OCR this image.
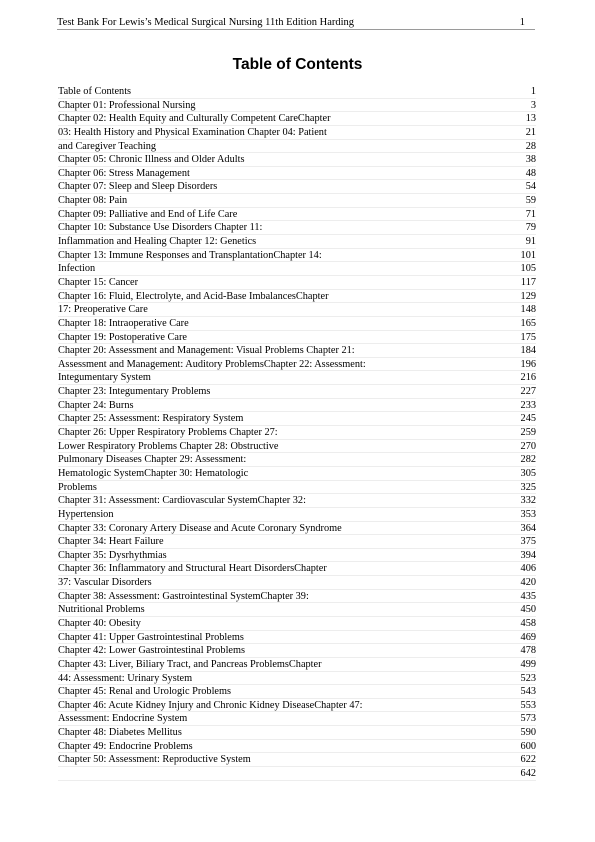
Test Bank For Lewis’s Medical Surgical Nursing 11th Edition Harding	1
Table of Contents
Table of Contents	1
Chapter 01: Professional Nursing	3
Chapter 02: Health Equity and Culturally Competent CareChapter	13
03: Health History and Physical Examination Chapter 04: Patient	21
and Caregiver Teaching	28
Chapter 05: Chronic Illness and Older Adults	38
Chapter 06: Stress Management	48
Chapter 07: Sleep and Sleep Disorders	54
Chapter 08: Pain	59
Chapter 09: Palliative and End of Life Care	71
Chapter 10: Substance Use Disorders Chapter 11:	79
Inflammation and Healing Chapter 12: Genetics	91
Chapter 13: Immune Responses and TransplantationChapter 14:	101
Infection	105
Chapter 15: Cancer	117
Chapter 16: Fluid, Electrolyte, and Acid-Base ImbalancesChapter	129
17: Preoperative Care	148
Chapter 18: Intraoperative Care	165
Chapter 19: Postoperative Care	175
Chapter 20: Assessment and Management: Visual Problems Chapter 21:	184
Assessment and Management: Auditory ProblemsChapter 22: Assessment:	196
Integumentary System	216
Chapter 23: Integumentary Problems	227
Chapter 24: Burns	233
Chapter 25: Assessment: Respiratory System	245
Chapter 26: Upper Respiratory Problems Chapter 27:	259
Lower Respiratory Problems Chapter 28: Obstructive	270
Pulmonary Diseases Chapter 29: Assessment:	282
Hematologic SystemChapter 30: Hematologic	305
Problems	325
Chapter 31: Assessment: Cardiovascular SystemChapter 32:	332
Hypertension	353
Chapter 33: Coronary Artery Disease and Acute Coronary Syndrome	364
Chapter 34: Heart Failure	375
Chapter 35: Dysrhythmias	394
Chapter 36: Inflammatory and Structural Heart DisordersChapter	406
37: Vascular Disorders	420
Chapter 38: Assessment: Gastrointestinal SystemChapter 39:	435
Nutritional Problems	450
Chapter 40: Obesity	458
Chapter 41: Upper Gastrointestinal Problems	469
Chapter 42: Lower Gastrointestinal Problems	478
Chapter 43: Liver, Biliary Tract, and Pancreas ProblemsChapter	499
44: Assessment: Urinary System	523
Chapter 45: Renal and Urologic Problems	543
Chapter 46: Acute Kidney Injury and Chronic Kidney DiseaseChapter 47:	553
Assessment: Endocrine System	573
Chapter 48: Diabetes Mellitus	590
Chapter 49: Endocrine Problems	600
Chapter 50: Assessment: Reproductive System	622
642
